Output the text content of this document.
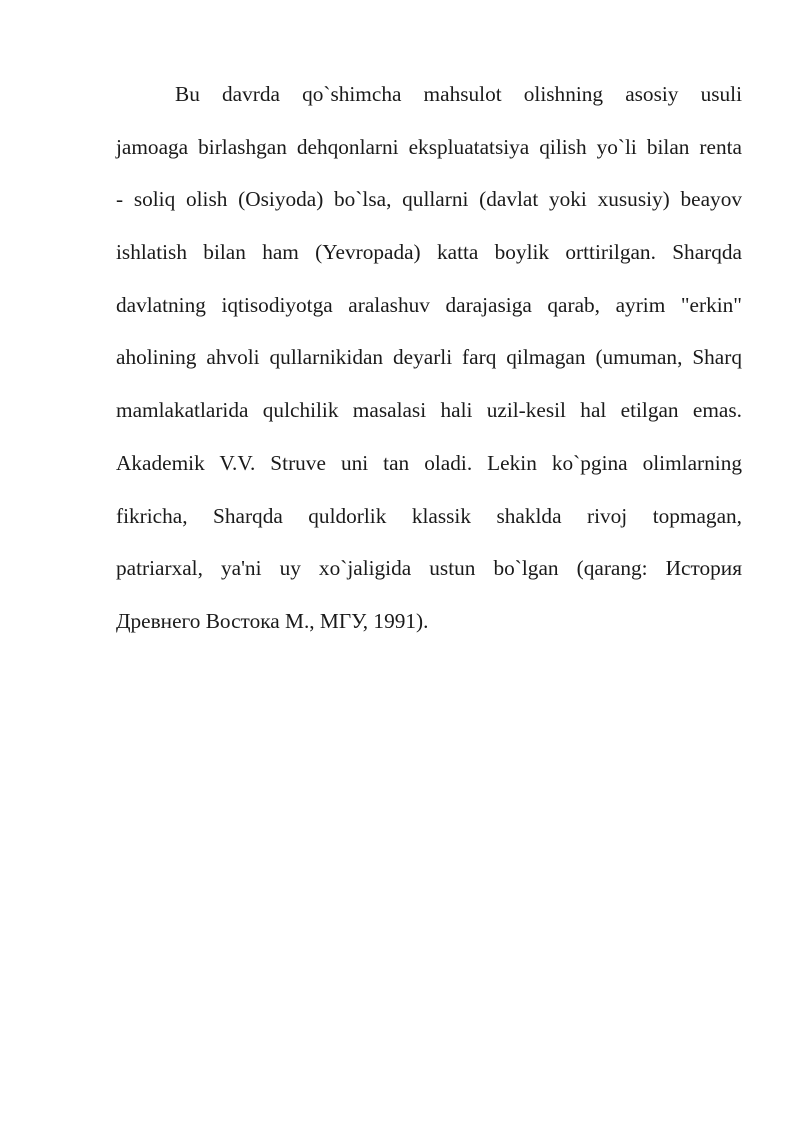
Bu davrda qo`shimcha mahsulot olishning asosiy usuli
jamoaga birlashgan dehqonlarni ekspluatatsiya qilish yo`li bilan renta
- soliq olish (Osiyoda) bo`lsa, qullarni (davlat yoki xususiy) beayov
ishlatish bilan ham (Yevropada) katta boylik orttirilgan. Sharqda
davlatning iqtisodiyotga aralashuv darajasiga qarab, ayrim "erkin"
aholining ahvoli qullarnikidan deyarli farq qilmagan (umuman, Sharq
mamlakatlarida qulchilik masalasi hali uzil-kesil hal etilgan emas.
Akademik V.V. Struve uni tan oladi. Lekin ko`pgina olimlarning
fikricha, Sharqda quldorlik klassik shaklda rivoj topmagan,
patriarxal, ya'ni uy xo`jaligida ustun bo`lgan (qarang: История
Древнего Востока М., МГУ, 1991).
